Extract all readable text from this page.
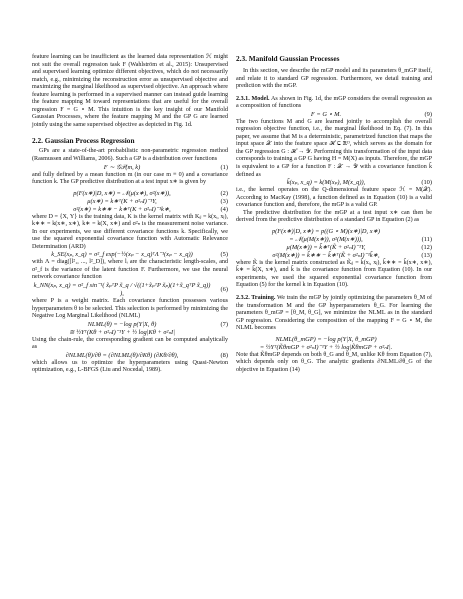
feature learning can be insufficient as the learned data representation ℋ might not suit the overall regression task F (Wahlström et al., 2015): Unsupervised and supervised learning optimize different objectives, which do not necessarily match, e.g., minimizing the reconstruction error as unsupervised objective and maximizing the marginal likelihood as supervised objective. An approach where feature learning is performed in a supervised manner can instead guide learning the feature mapping M toward representations that are useful for the overall regression F = G ∘ M. This intuition is the key insight of our Manifold Gaussian Processes, where the feature mapping M and the GP G are learned jointly using the same supervised objective as depicted in Fig. 1d.

2.2. Gaussian Process Regression

GPs are a state-of-the-art probabilistic non-parametric regression method (Rasmussen and Williams, 2006). Such a GP is a distribution over functions

F ∼ 𝒢𝒫(m, k)	(1)

and fully defined by a mean function m (in our case m ≡ 0) and a covariance function k. The GP predictive distribution at a test input x∗ is given by

p(F(x∗)|D, x∗) = 𝒩(μ(x∗), σ²(x∗)),	(2)
μ(x∗) = k∗ᵀ(K + σ²ₙI)⁻¹Y,	(3)
σ²(x∗) = k∗∗ − k∗ᵀ(K + σ²ₙI)⁻¹k∗,	(4)

where D = {X, Y} is the training data, K is the kernel matrix with Kᵢⱼ = k(xᵢ, xⱼ), k∗∗ = k(x∗, x∗), k∗ = k(X, x∗) and σ²ₙ is the measurement noise variance. In our experiments, we use different covariance functions k. Specifically, we use the squared exponential covariance function with Automatic Relevance Determination (ARD)

k_SE(xₚ, x_q) = σ²_f exp(−½(xₚ − x_q)ᵀΛ⁻¹(xₚ − x_q))	(5)

with Λ = diag([l²₁, ..., l²_D]), where lᵢ are the characteristic length-scales, and σ²_f is the variance of the latent function F. Furthermore, we use the neural network covariance function

k_NN(xₚ, x_q) = σ²_f sin⁻¹( x̃ₚᵀP x̃_q / √((1+x̃ₚᵀP x̃ₚ)(1+x̃_qᵀP x̃_q)) ),
(6)

where P is a weight matrix. Each covariance function possesses various hyperparameters θ to be selected. This selection is performed by minimizing the Negative Log Marginal Likelihood (NLML)

NLML(θ) = −log p(Y|X, θ)	(7)
≅ ½Yᵀ(Kθ + σ²ₙI)⁻¹Y + ½ log|Kθ + σ²ₙI|

Using the chain-rule, the corresponding gradient can be computed analytically as

∂NLML(θ)/∂θ = (∂NLML(θ)/∂Kθ) (∂Kθ/∂θ),	(8)

which allows us to optimize the hyperparameters using Quasi-Newton optimization, e.g., L-BFGS (Liu and Nocedal, 1989).

2.3. Manifold Gaussian Processes

In this section, we describe the mGP model and its parameters θ_mGP itself, and relate it to standard GP regression. Furthermore, we detail training and prediction with the mGP.

2.3.1. Model. As shown in Fig. 1d, the mGP considers the overall regression as a composition of functions

F = G ∘ M.	(9)

The two functions M and G are learned jointly to accomplish the overall regression objective function, i.e., the marginal likelihood in Eq. (7). In this paper, we assume that M is a deterministic, parametrized function that maps the input space 𝒳 into the feature space ℋ ⊆ ℝᴰ, which serves as the domain for the GP regression G : ℋ → 𝒴. Performing this transformation of the input data corresponds to training a GP G having H = M(X) as inputs. Therefore, the mGP is equivalent to a GP for a function F : 𝒳 → 𝒴 with a covariance function k̃ defined as

k̃(xₚ, x_q) = k(M(xₚ), M(x_q)),	(10)

i.e., the kernel operates on the Q-dimensional feature space ℋ = M(𝒳). According to MacKay (1998), a function defined as in Equation (10) is a valid covariance function and, therefore, the mGP is a valid GP.

The predictive distribution for the mGP at a test input x∗ can then be derived from the predictive distribution of a standard GP in Equation (2) as

p(F(x∗)|D, x∗) = p((G ∘ M)(x∗)|D, x∗)
= 𝒩(μ(M(x∗)), σ²(M(x∗))),	(11)
μ(M(x∗)) = k̃∗ᵀ(K̃ + σ²ₙI)⁻¹Y,	(12)
σ²(M(x∗)) = k̃∗∗ − k̃∗ᵀ(K̃ + σ²ₙI)⁻¹k̃∗,	(13)

where K̃ is the kernel matrix constructed as K̃ᵢⱼ = k̃(xᵢ, xⱼ), k̃∗∗ = k̃(x∗, x∗), k̃∗ = k̃(X, x∗), and k̃ is the covariance function from Equation (10). In our experiments, we used the squared exponential covariance function from Equation (5) for the kernel k in Equation (10).

2.3.2. Training. We train the mGP by jointly optimizing the parameters θ_M of the transformation M and the GP hyperparameters θ_G. For learning the parameters θ_mGP = [θ_M, θ_G], we minimize the NLML as in the standard GP regression. Considering the composition of the mapping F = G ∘ M, the NLML becomes

NLML(θ_mGP) = −log p(Y|X, θ_mGP)
= ½Yᵀ(K̃θmGP + σ²ₙI)⁻¹Y + ½ log|K̃θmGP + σ²ₙI|.

Note that K̃θmGP depends on both θ_G and θ_M, unlike Kθ from Equation (7), which depends only on θ_G. The analytic gradients ∂NLML/∂θ_G of the objective in Equation (14)
